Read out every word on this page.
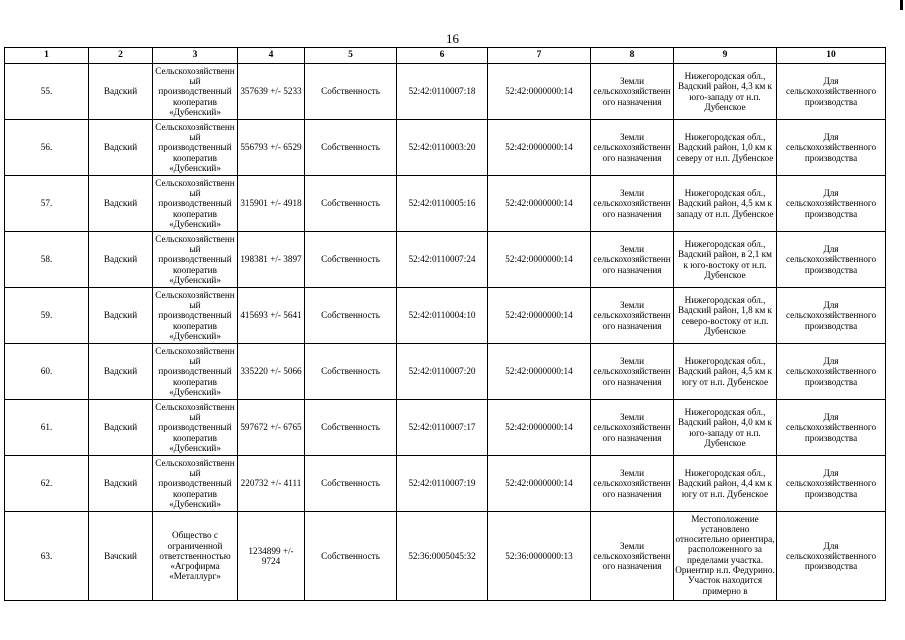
16
1	2	3	4	5	6	7	8	9	10
55.	Вадский	Сельскохозяйственный производственный кооператив «Дубенский»	357639 +/- 5233	Собственность	52:42:0110007:18	52:42:0000000:14	Земли сельскохозяйственного назначения	Нижегородская обл., Вадский район, 4,3 км к юго-западу от н.п. Дубенское	Для сельскохозяйственного производства
56.	Вадский	Сельскохозяйственный производственный кооператив «Дубенский»	556793 +/- 6529	Собственность	52:42:0110003:20	52:42:0000000:14	Земли сельскохозяйственного назначения	Нижегородская обл., Вадский район, 1,0 км к северу от н.п. Дубенское	Для сельскохозяйственного производства
57.	Вадский	Сельскохозяйственный производственный кооператив «Дубенский»	315901 +/- 4918	Собственность	52:42:0110005:16	52:42:0000000:14	Земли сельскохозяйственного назначения	Нижегородская обл., Вадский район, 4,5 км к западу от н.п. Дубенское	Для сельскохозяйственного производства
58.	Вадский	Сельскохозяйственный производственный кооператив «Дубенский»	198381 +/- 3897	Собственность	52:42:0110007:24	52:42:0000000:14	Земли сельскохозяйственного назначения	Нижегородская обл., Вадский район, в 2,1 км к юго-востоку от н.п. Дубенское	Для сельскохозяйственного производства
59.	Вадский	Сельскохозяйственный производственный кооператив «Дубенский»	415693 +/- 5641	Собственность	52:42:0110004:10	52:42:0000000:14	Земли сельскохозяйственного назначения	Нижегородская обл., Вадский район, 1,8 км к северо-востоку от н.п. Дубенское	Для сельскохозяйственного производства
60.	Вадский	Сельскохозяйственный производственный кооператив «Дубенский»	335220 +/- 5066	Собственность	52:42:0110007:20	52:42:0000000:14	Земли сельскохозяйственного назначения	Нижегородская обл., Вадский район, 4,5 км к югу от н.п. Дубенское	Для сельскохозяйственного производства
61.	Вадский	Сельскохозяйственный производственный кооператив «Дубенский»	597672 +/- 6765	Собственность	52:42:0110007:17	52:42:0000000:14	Земли сельскохозяйственного назначения	Нижегородская обл., Вадский район, 4,0 км к юго-западу от н.п. Дубенское	Для сельскохозяйственного производства
62.	Вадский	Сельскохозяйственный производственный кооператив «Дубенский»	220732 +/- 4111	Собственность	52:42:0110007:19	52:42:0000000:14	Земли сельскохозяйственного назначения	Нижегородская обл., Вадский район, 4,4 км к югу от н.п. Дубенское	Для сельскохозяйственного производства
63.	Вачский	Общество с ограниченной ответственностью «Агрофирма «Металлург»	1234899 +/- 9724	Собственность	52:36:0005045:32	52:36:0000000:13	Земли сельскохозяйственного назначения	Местоположение установлено относительно ориентира, расположенного за пределами участка. Ориентир н.п. Федурино. Участок находится примерно в	Для сельскохозяйственного производства
